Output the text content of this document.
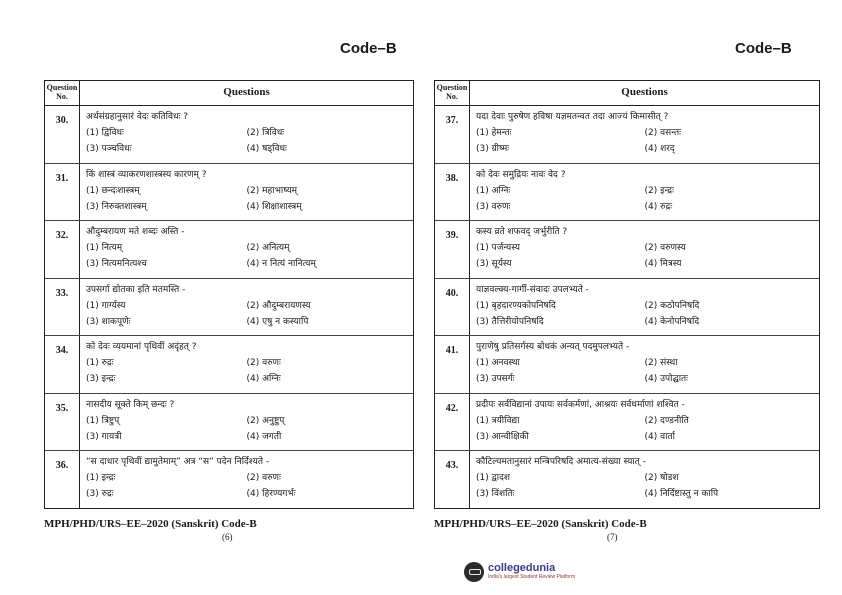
Code–B
Question No.	Questions
30.	अर्थसंग्रहानुसारं वेदः कतिविधः ?
(1) द्विविधः	(2) त्रिविधः
(3) पञ्चविधः	(4) षड्विधः
31.	किं शास्त्रं व्याकरणशास्त्रस्य कारणम् ?
(1) छन्दःशास्त्रम्	(2) महाभाष्यम्
(3) निरुक्तशास्त्रम्	(4) शिक्षाशास्त्रम्
32.	औदुम्बरायण मते शब्दः अस्ति -
(1) नित्यम्	(2) अनित्यम्
(3) नित्यमनित्यश्च	(4) न नित्यं नानित्यम्
33.	उपसर्गा द्योतका इति मतमस्ति -
(1) गार्ग्यस्य	(2) औदुम्बरायणस्य
(3) शाकपूणेः	(4) एषु न कस्यापि
34.	को देवः व्ययमानां पृथिवीं अदृंहत् ?
(1) रुद्रः	(2) वरुणः
(3) इन्द्रः	(4) अग्निः
35.	नासदीय सूक्ते किम् छन्दः ?
(1) त्रिष्टुप्	(2) अनुष्टुप्
(3) गायत्री	(4) जगती
36.	“स दाधार पृथिवीं द्यामुतेमाम्” अत्र “स” पदेन निर्दिश्यते -
(1) इन्द्रः	(2) वरुणः
(3) रुद्रः	(4) हिरण्यगर्भः
MPH/PHD/URS–EE–2020 (Sanskrit) Code-B
(6)
Code–B
Question No.	Questions
37.	यदा देवाः पुरुषेण हविषा यज्ञमतन्वत तदा आज्यं किमासीत् ?
(1) हेमन्तः	(2) वसन्तः
(3) ग्रीष्मः	(4) शरद्
38.	को देवः समुद्रियः नावः वेद ?
(1) अग्निः	(2) इन्द्रः
(3) वरुणः	(4) रुद्रः
39.	कस्य व्रते शफवद् जर्भुरीति ?
(1) पर्जन्यस्य	(2) वरुणस्य
(3) सूर्यस्य	(4) मित्रस्य
40.	याज्ञवल्क्य-गार्गी-संवादः उपलभ्यते -
(1) बृहदारण्यकोपनिषदि	(2) कठोपनिषदि
(3) तैत्तिरीयोपनिषदि	(4) केनोपनिषदि
41.	पुराणेषु प्रतिसर्गस्य बोधकं अन्यत् पदमुपलभ्यते -
(1) अनवस्था	(2) संस्था
(3) उपसर्गः	(4) उपोद्घातः
42.	प्रदीपः सर्वविद्यानां उपायः सर्वकर्मणां, आश्रयः सर्वधर्माणां शश्वित -
(1) त्रयीविद्या	(2) दण्डनीति
(3) आन्वीक्षिकी	(4) वार्ता
43.	कौटिल्यमतानुसारं मन्त्रिपरिषदि अमात्य-संख्या स्यात् -
(1) द्वादश	(2) षोडश
(3) विंशतिः	(4) निर्दिष्टास्तु न कापि
MPH/PHD/URS–EE–2020 (Sanskrit) Code-B
(7)
collegedunia
India's largest Student Review Platform
